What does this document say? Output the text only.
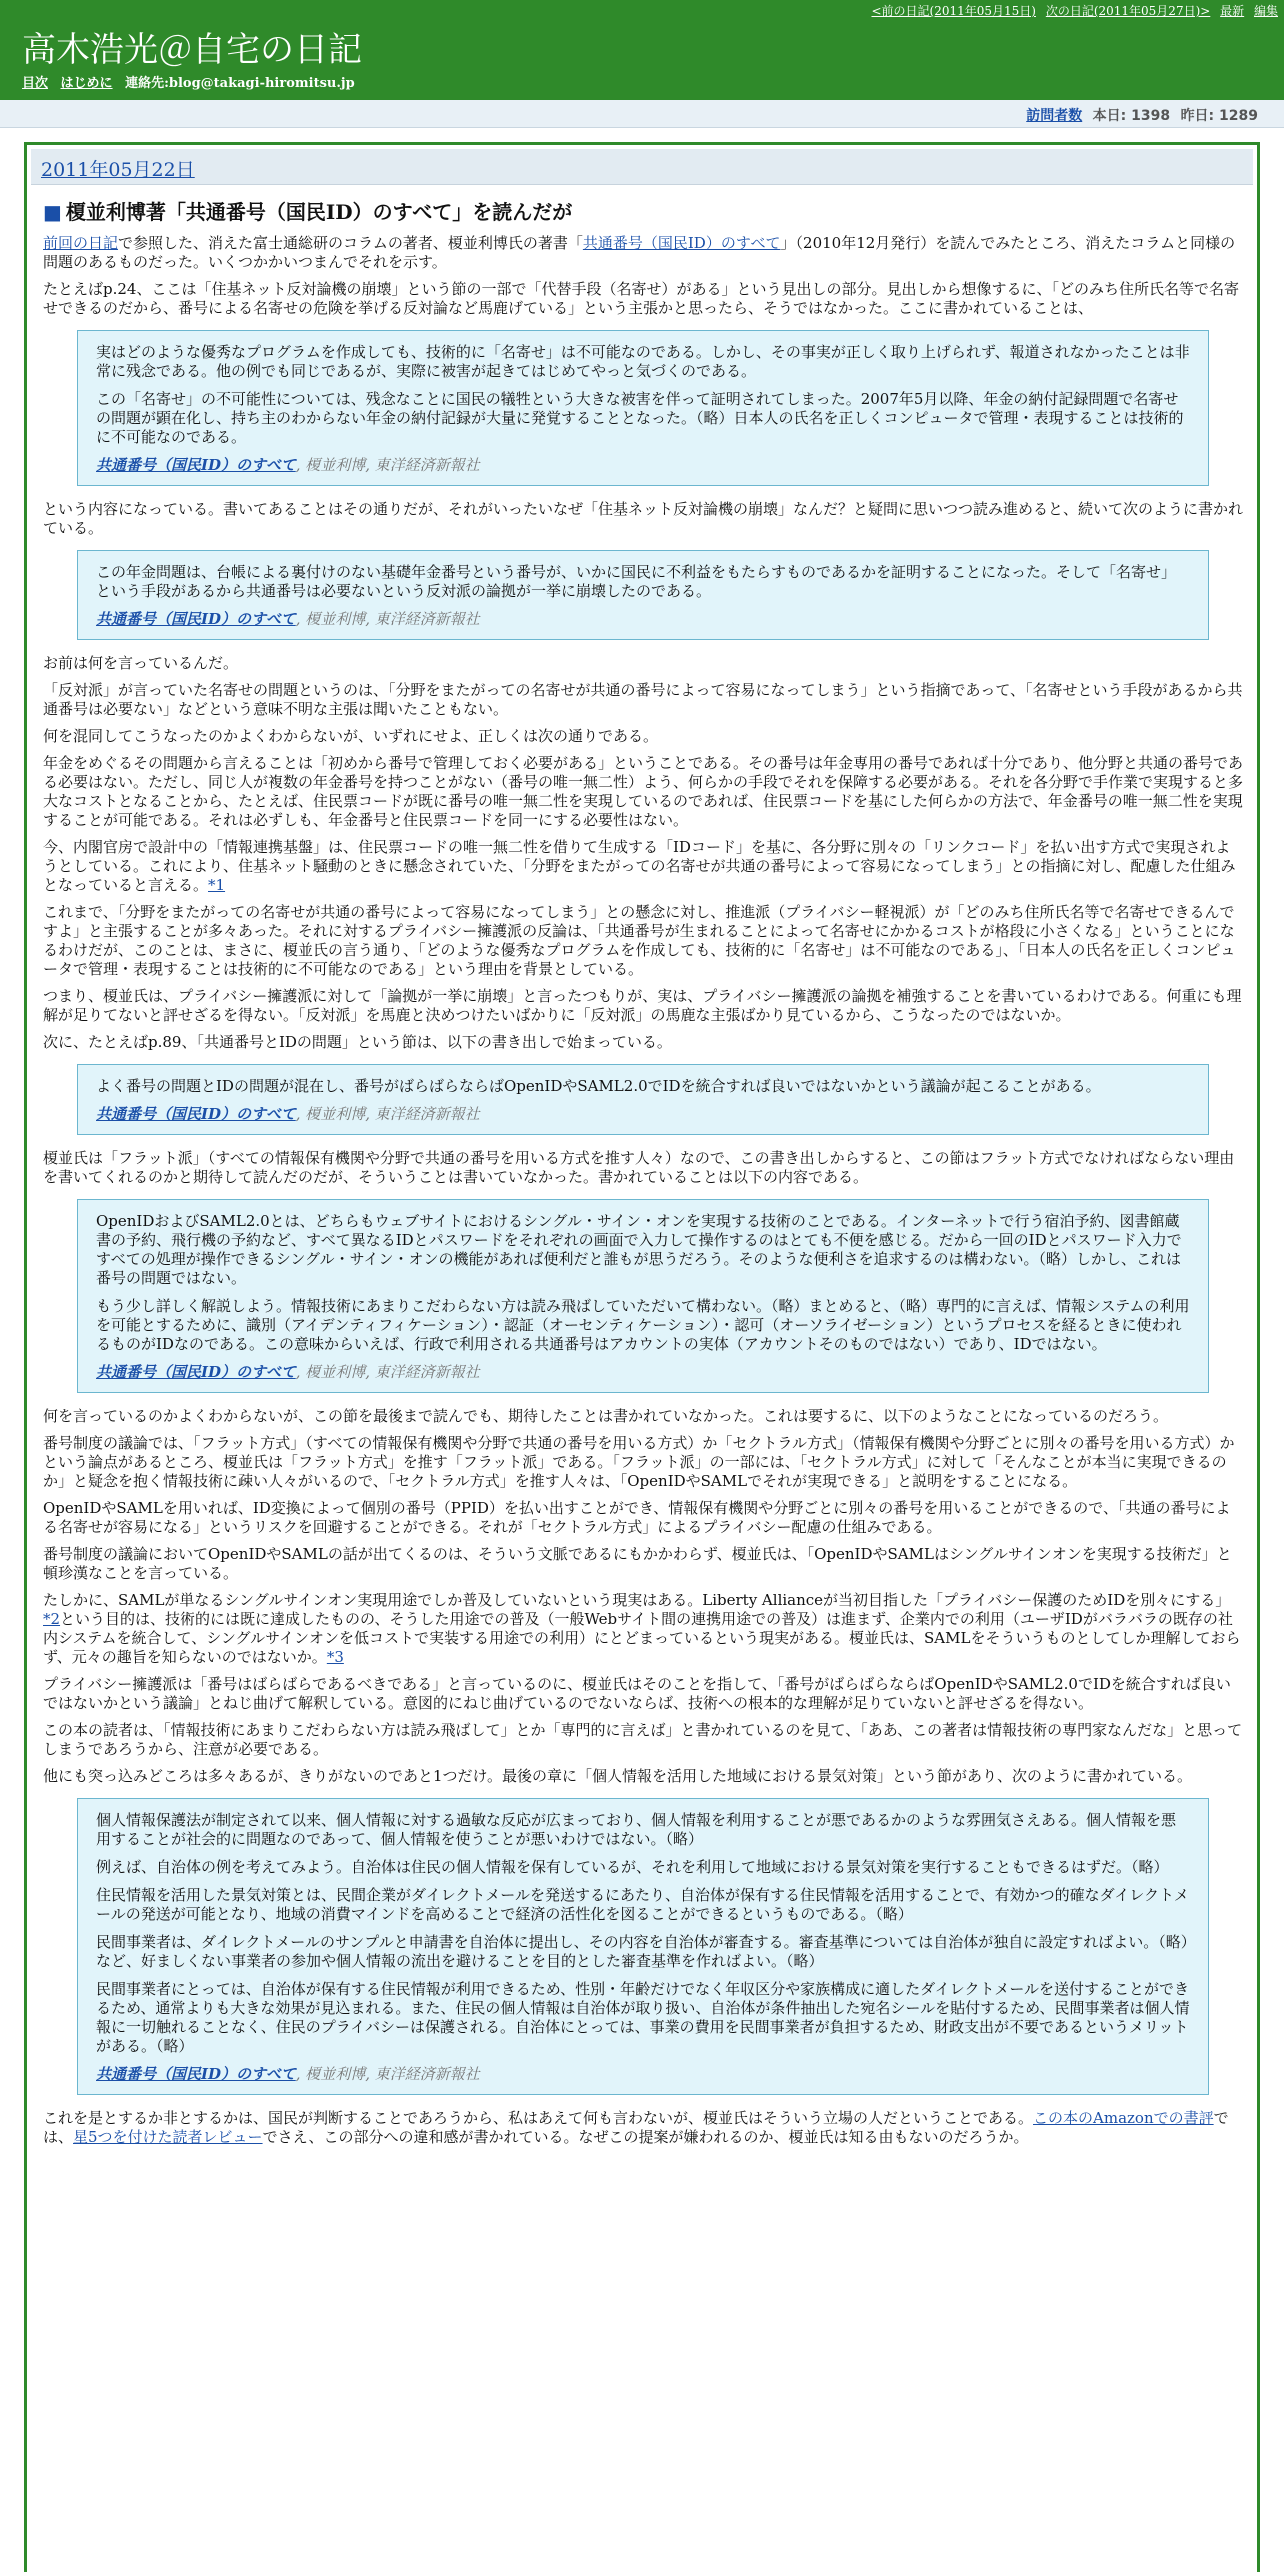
高木浩光＠自宅の日記
<前の日記(2011年05月15日) 次の日記(2011年05月27日)> 最新 編集
目次 はじめに 連絡先:blog@takagi-hiromitsu.jp
訪問者数 本日: 1398 昨日: 1289
2011年05月22日
■ 榎並利博著「共通番号（国民ID）のすべて」を読んだが

前回の日記で参照した、消えた富士通総研のコラムの著者、榎並利博氏の著書「共通番号（国民ID）のすべて」（2010年12月発行）を読んでみたところ、消えたコラムと同様の問題のあるものだった。いくつかかいつまんでそれを示す。

たとえばp.24、ここは「住基ネット反対論機の崩壊」という節の一部で「代替手段（名寄せ）がある」という見出しの部分。見出しから想像するに、「どのみち住所氏名等で名寄せできるのだから、番号による名寄せの危険を挙げる反対論など馬鹿げている」という主張かと思ったら、そうではなかった。ここに書かれていることは、

実はどのような優秀なプログラムを作成しても、技術的に「名寄せ」は不可能なのである。しかし、その事実が正しく取り上げられず、報道されなかったことは非常に残念である。他の例でも同じであるが、実際に被害が起きてはじめてやっと気づくのである。

この「名寄せ」の不可能性については、残念なことに国民の犠牲という大きな被害を伴って証明されてしまった。2007年5月以降、年金の納付記録問題で名寄せの問題が顕在化し、持ち主のわからない年金の納付記録が大量に発覚することとなった。（略）日本人の氏名を正しくコンピュータで管理・表現することは技術的に不可能なのである。

共通番号（国民ID）のすべて, 榎並利博, 東洋経済新報社

という内容になっている。書いてあることはその通りだが、それがいったいなぜ「住基ネット反対論機の崩壊」なんだ？と疑問に思いつつ読み進めると、続いて次のように書かれている。

この年金問題は、台帳による裏付けのない基礎年金番号という番号が、いかに国民に不利益をもたらすものであるかを証明することになった。そして「名寄せ」という手段があるから共通番号は必要ないという反対派の論拠が一挙に崩壊したのである。

共通番号（国民ID）のすべて, 榎並利博, 東洋経済新報社

お前は何を言っているんだ。

「反対派」が言っていた名寄せの問題というのは、「分野をまたがっての名寄せが共通の番号によって容易になってしまう」という指摘であって、「名寄せという手段があるから共通番号は必要ない」などという意味不明な主張は聞いたこともない。

何を混同してこうなったのかよくわからないが、いずれにせよ、正しくは次の通りである。

年金をめぐるその問題から言えることは「初めから番号で管理しておく必要がある」ということである。その番号は年金専用の番号であれば十分であり、他分野と共通の番号である必要はない。ただし、同じ人が複数の年金番号を持つことがない（番号の唯一無二性）よう、何らかの手段でそれを保障する必要がある。それを各分野で手作業で実現すると多大なコストとなることから、たとえば、住民票コードが既に番号の唯一無二性を実現しているのであれば、住民票コードを基にした何らかの方法で、年金番号の唯一無二性を実現することが可能である。それは必ずしも、年金番号と住民票コードを同一にする必要性はない。

今、内閣官房で設計中の「情報連携基盤」は、住民票コードの唯一無二性を借りて生成する「IDコード」を基に、各分野に別々の「リンクコード」を払い出す方式で実現されようとしている。これにより、住基ネット騒動のときに懸念されていた、「分野をまたがっての名寄せが共通の番号によって容易になってしまう」との指摘に対し、配慮した仕組みとなっていると言える。*1

これまで、「分野をまたがっての名寄せが共通の番号によって容易になってしまう」との懸念に対し、推進派（プライバシー軽視派）が「どのみち住所氏名等で名寄せできるんですよ」と主張することが多々あった。それに対するプライバシー擁護派の反論は、「共通番号が生まれることによって名寄せにかかるコストが格段に小さくなる」ということになるわけだが、このことは、まさに、榎並氏の言う通り、「どのような優秀なプログラムを作成しても、技術的に「名寄せ」は不可能なのである」、「日本人の氏名を正しくコンピュータで管理・表現することは技術的に不可能なのである」という理由を背景としている。

つまり、榎並氏は、プライバシー擁護派に対して「論拠が一挙に崩壊」と言ったつもりが、実は、プライバシー擁護派の論拠を補強することを書いているわけである。何重にも理解が足りてないと評せざるを得ない。「反対派」を馬鹿と決めつけたいばかりに「反対派」の馬鹿な主張ばかり見ているから、こうなったのではないか。

次に、たとえばp.89、「共通番号とIDの問題」という節は、以下の書き出しで始まっている。

よく番号の問題とIDの問題が混在し、番号がばらばらならばOpenIDやSAML2.0でIDを統合すれば良いではないかという議論が起こることがある。

共通番号（国民ID）のすべて, 榎並利博, 東洋経済新報社

榎並氏は「フラット派」（すべての情報保有機関や分野で共通の番号を用いる方式を推す人々）なので、この書き出しからすると、この節はフラット方式でなければならない理由を書いてくれるのかと期待して読んだのだが、そういうことは書いていなかった。書かれていることは以下の内容である。

OpenIDおよびSAML2.0とは、どちらもウェブサイトにおけるシングル・サイン・オンを実現する技術のことである。インターネットで行う宿泊予約、図書館蔵書の予約、飛行機の予約など、すべて異なるIDとパスワードをそれぞれの画面で入力して操作するのはとても不便を感じる。だから一回のIDとパスワード入力ですべての処理が操作できるシングル・サイン・オンの機能があれば便利だと誰もが思うだろう。そのような便利さを追求するのは構わない。（略）しかし、これは番号の問題ではない。

もう少し詳しく解説しよう。情報技術にあまりこだわらない方は読み飛ばしていただいて構わない。（略）まとめると、（略）専門的に言えば、情報システムの利用を可能とするために、識別（アイデンティフィケーション）・認証（オーセンティケーション）・認可（オーソライゼーション）というプロセスを経るときに使われるものがIDなのである。この意味からいえば、行政で利用される共通番号はアカウントの実体（アカウントそのものではない）であり、IDではない。

共通番号（国民ID）のすべて, 榎並利博, 東洋経済新報社

何を言っているのかよくわからないが、この節を最後まで読んでも、期待したことは書かれていなかった。これは要するに、以下のようなことになっているのだろう。

番号制度の議論では、「フラット方式」（すべての情報保有機関や分野で共通の番号を用いる方式）か「セクトラル方式」（情報保有機関や分野ごとに別々の番号を用いる方式）かという論点があるところ、榎並氏は「フラット方式」を推す「フラット派」である。「フラット派」の一部には、「セクトラル方式」に対して「そんなことが本当に実現できるのか」と疑念を抱く情報技術に疎い人々がいるので、「セクトラル方式」を推す人々は、「OpenIDやSAMLでそれが実現できる」と説明をすることになる。

OpenIDやSAMLを用いれば、ID変換によって個別の番号（PPID）を払い出すことができ、情報保有機関や分野ごとに別々の番号を用いることができるので、「共通の番号による名寄せが容易になる」というリスクを回避することができる。それが「セクトラル方式」によるプライバシー配慮の仕組みである。

番号制度の議論においてOpenIDやSAMLの話が出てくるのは、そういう文脈であるにもかかわらず、榎並氏は、「OpenIDやSAMLはシングルサインオンを実現する技術だ」と頓珍漢なことを言っている。

たしかに、SAMLが単なるシングルサインオン実現用途でしか普及していないという現実はある。Liberty Allianceが当初目指した「プライバシー保護のためIDを別々にする」*2という目的は、技術的には既に達成したものの、そうした用途での普及（一般Webサイト間の連携用途での普及）は進まず、企業内での利用（ユーザIDがバラバラの既存の社内システムを統合して、シングルサインオンを低コストで実装する用途での利用）にとどまっているという現実がある。榎並氏は、SAMLをそういうものとしてしか理解しておらず、元々の趣旨を知らないのではないか。*3

プライバシー擁護派は「番号はばらばらであるべきである」と言っているのに、榎並氏はそのことを指して、「番号がばらばらならばOpenIDやSAML2.0でIDを統合すれば良いではないかという議論」とねじ曲げて解釈している。意図的にねじ曲げているのでないならば、技術への根本的な理解が足りていないと評せざるを得ない。

この本の読者は、「情報技術にあまりこだわらない方は読み飛ばして」とか「専門的に言えば」と書かれているのを見て、「ああ、この著者は情報技術の専門家なんだな」と思ってしまうであろうから、注意が必要である。

他にも突っ込みどころは多々あるが、きりがないのであと1つだけ。最後の章に「個人情報を活用した地域における景気対策」という節があり、次のように書かれている。

個人情報保護法が制定されて以来、個人情報に対する過敏な反応が広まっており、個人情報を利用することが悪であるかのような雰囲気さえある。個人情報を悪用することが社会的に問題なのであって、個人情報を使うことが悪いわけではない。（略）

例えば、自治体の例を考えてみよう。自治体は住民の個人情報を保有しているが、それを利用して地域における景気対策を実行することもできるはずだ。（略）

住民情報を活用した景気対策とは、民間企業がダイレクトメールを発送するにあたり、自治体が保有する住民情報を活用することで、有効かつ的確なダイレクトメールの発送が可能となり、地域の消費マインドを高めることで経済の活性化を図ることができるというものである。（略）

民間事業者は、ダイレクトメールのサンプルと申請書を自治体に提出し、その内容を自治体が審査する。審査基準については自治体が独自に設定すればよい。（略）など、好ましくない事業者の参加や個人情報の流出を避けることを目的とした審査基準を作ればよい。（略）

民間事業者にとっては、自治体が保有する住民情報が利用できるため、性別・年齢だけでなく年収区分や家族構成に適したダイレクトメールを送付することができるため、通常よりも大きな効果が見込まれる。また、住民の個人情報は自治体が取り扱い、自治体が条件抽出した宛名シールを貼付するため、民間事業者は個人情報に一切触れることなく、住民のプライバシーは保護される。自治体にとっては、事業の費用を民間事業者が負担するため、財政支出が不要であるというメリットがある。（略）

共通番号（国民ID）のすべて, 榎並利博, 東洋経済新報社

これを是とするか非とするかは、国民が判断することであろうから、私はあえて何も言わないが、榎並氏はそういう立場の人だということである。この本のAmazonでの書評では、星5つを付けた読者レビューでさえ、この部分への違和感が書かれている。なぜこの提案が嫌われるのか、榎並氏は知る由もないのだろうか。
